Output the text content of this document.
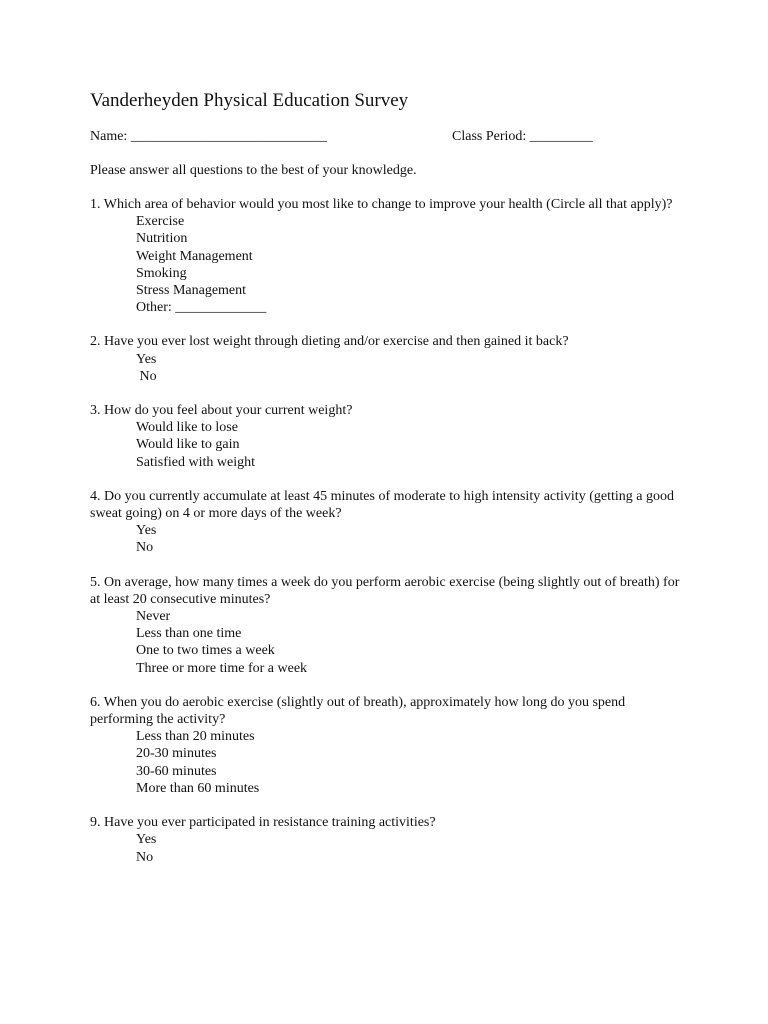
Vanderheyden Physical Education Survey
Name: ____________________________	Class Period: _________

Please answer all questions to the best of your knowledge.

1. Which area of behavior would you most like to change to improve your health (Circle all that apply)?
Exercise
Nutrition
Weight Management
Smoking
Stress Management
Other: _____________
2. Have you ever lost weight through dieting and/or exercise and then gained it back?
Yes
No
3. How do you feel about your current weight?
Would like to lose
Would like to gain
Satisfied with weight
4. Do you currently accumulate at least 45 minutes of moderate to high intensity activity (getting a good sweat going) on 4 or more days of the week?
Yes
No
5. On average, how many times a week do you perform aerobic exercise (being slightly out of breath) for at least 20 consecutive minutes?
Never
Less than one time
One to two times a week
Three or more time for a week
6. When you do aerobic exercise (slightly out of breath), approximately how long do you spend performing the activity?
Less than 20 minutes
20-30 minutes
30-60 minutes
More than 60 minutes
9. Have you ever participated in resistance training activities?
Yes
No
